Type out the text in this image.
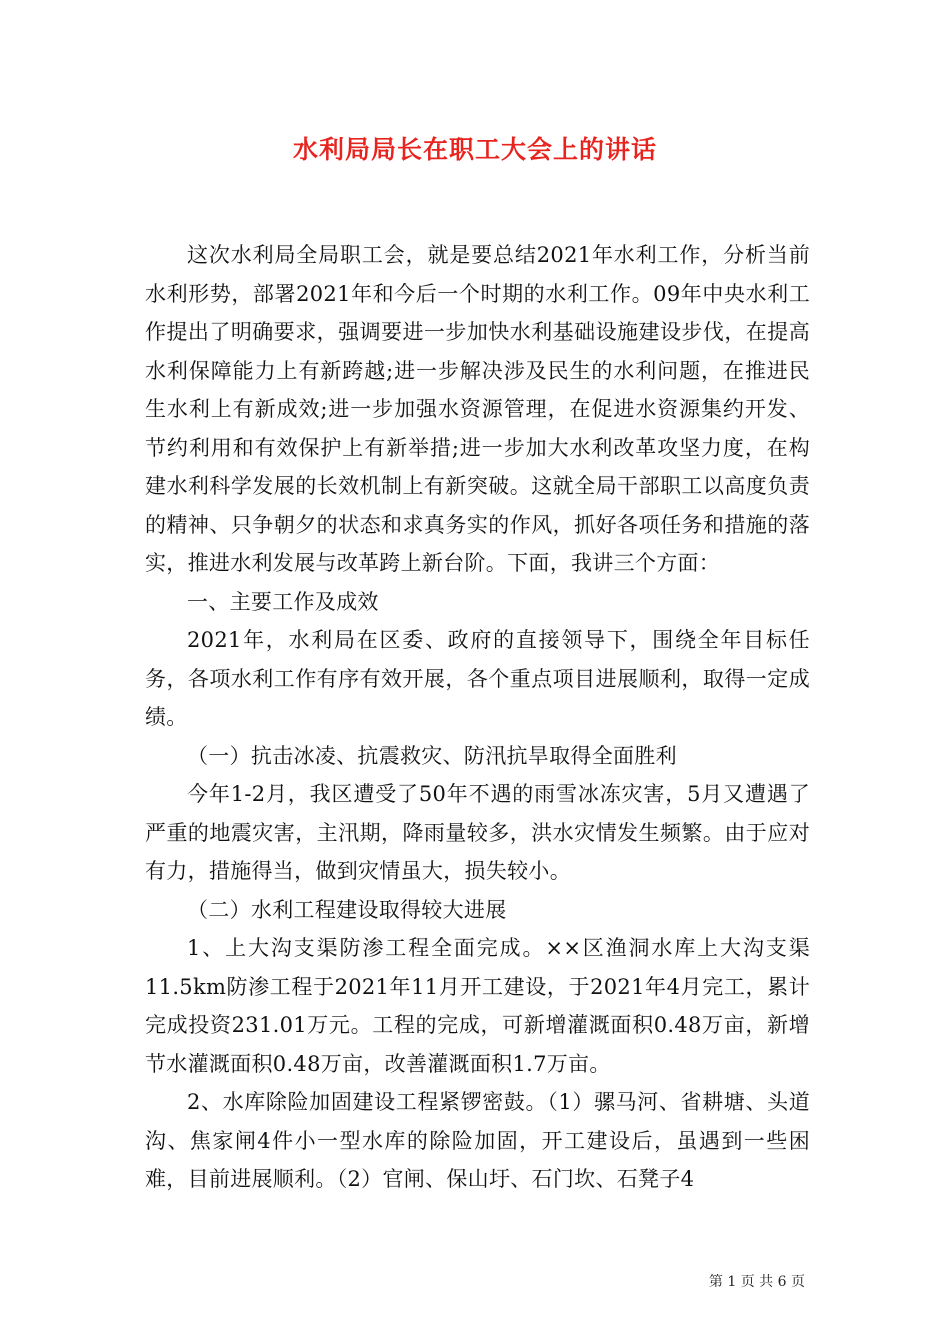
水利局局长在职工大会上的讲话

这次水利局全局职工会，就是要总结2021年水利工作，分析当前水利形势，部署2021年和今后一个时期的水利工作。09年中央水利工作提出了明确要求，强调要进一步加快水利基础设施建设步伐，在提高水利保障能力上有新跨越;进一步解决涉及民生的水利问题，在推进民生水利上有新成效;进一步加强水资源管理，在促进水资源集约开发、节约利用和有效保护上有新举措;进一步加大水利改革攻坚力度，在构建水利科学发展的长效机制上有新突破。这就全局干部职工以高度负责的精神、只争朝夕的状态和求真务实的作风，抓好各项任务和措施的落实，推进水利发展与改革跨上新台阶。下面，我讲三个方面：

一、主要工作及成效

2021年，水利局在区委、政府的直接领导下，围绕全年目标任务，各项水利工作有序有效开展，各个重点项目进展顺利，取得一定成绩。

（一）抗击冰凌、抗震救灾、防汛抗旱取得全面胜利

今年1-2月，我区遭受了50年不遇的雨雪冰冻灾害，5月又遭遇了严重的地震灾害，主汛期，降雨量较多，洪水灾情发生频繁。由于应对有力，措施得当，做到灾情虽大，损失较小。

（二）水利工程建设取得较大进展

1、上大沟支渠防渗工程全面完成。××区渔洞水库上大沟支渠11.5km防渗工程于2021年11月开工建设，于2021年4月完工，累计完成投资231.01万元。工程的完成，可新增灌溉面积0.48万亩，新增节水灌溉面积0.48万亩，改善灌溉面积1.7万亩。

2、水库除险加固建设工程紧锣密鼓。（1）骡马河、省耕塘、头道沟、焦家闸4件小一型水库的除险加固，开工建设后，虽遇到一些困难，目前进展顺利。（2）官闸、保山圩、石门坎、石凳子4

第 1 页 共 6 页
